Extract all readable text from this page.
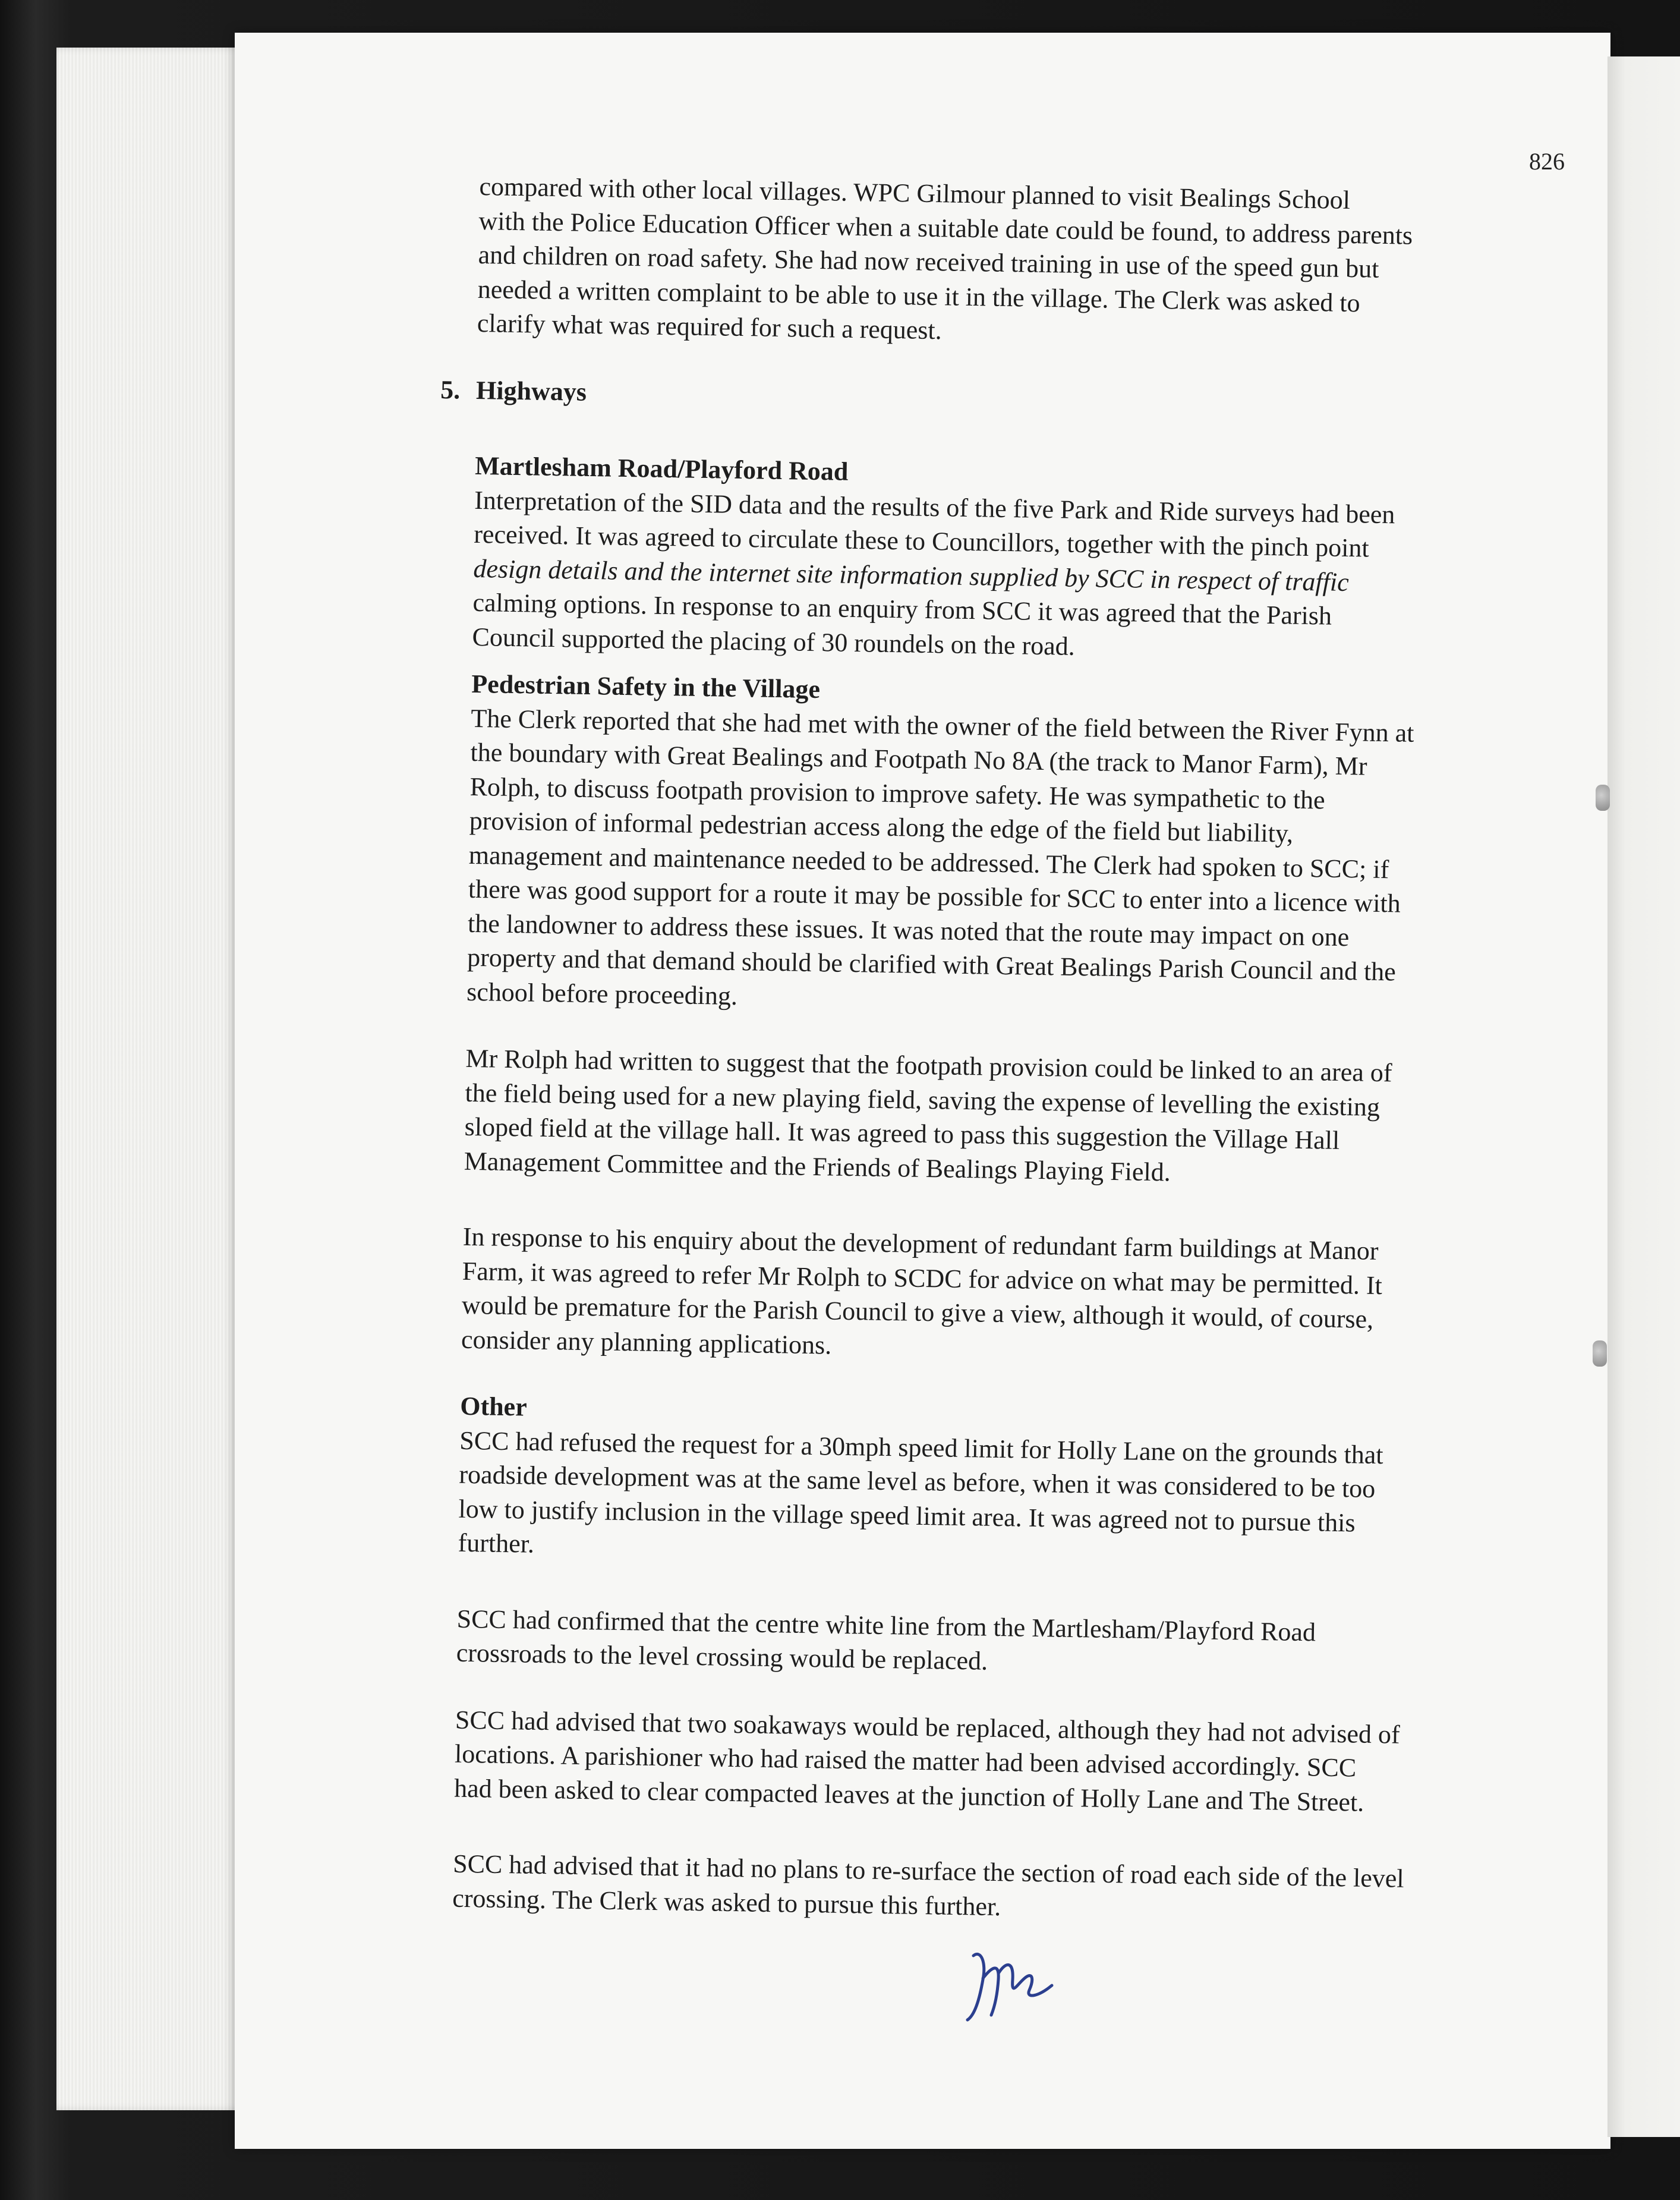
826
compared with other local villages. WPC Gilmour planned to visit Bealings School
with the Police Education Officer when a suitable date could be found, to address parents
and children on road safety. She had now received training in use of the speed gun but
needed a written complaint to be able to use it in the village. The Clerk was asked to
clarify what was required for such a request.
5. Highways
Martlesham Road/Playford Road
Interpretation of the SID data and the results of the five Park and Ride surveys had been
received. It was agreed to circulate these to Councillors, together with the pinch point
design details and the internet site information supplied by SCC in respect of traffic
calming options. In response to an enquiry from SCC it was agreed that the Parish
Council supported the placing of 30 roundels on the road.
Pedestrian Safety in the Village
The Clerk reported that she had met with the owner of the field between the River Fynn at
the boundary with Great Bealings and Footpath No 8A (the track to Manor Farm), Mr
Rolph, to discuss footpath provision to improve safety. He was sympathetic to the
provision of informal pedestrian access along the edge of the field but liability,
management and maintenance needed to be addressed. The Clerk had spoken to SCC; if
there was good support for a route it may be possible for SCC to enter into a licence with
the landowner to address these issues. It was noted that the route may impact on one
property and that demand should be clarified with Great Bealings Parish Council and the
school before proceeding.
Mr Rolph had written to suggest that the footpath provision could be linked to an area of
the field being used for a new playing field, saving the expense of levelling the existing
sloped field at the village hall. It was agreed to pass this suggestion the Village Hall
Management Committee and the Friends of Bealings Playing Field.
In response to his enquiry about the development of redundant farm buildings at Manor
Farm, it was agreed to refer Mr Rolph to SCDC for advice on what may be permitted. It
would be premature for the Parish Council to give a view, although it would, of course,
consider any planning applications.
Other
SCC had refused the request for a 30mph speed limit for Holly Lane on the grounds that
roadside development was at the same level as before, when it was considered to be too
low to justify inclusion in the village speed limit area. It was agreed not to pursue this
further.
SCC had confirmed that the centre white line from the Martlesham/Playford Road
crossroads to the level crossing would be replaced.
SCC had advised that two soakaways would be replaced, although they had not advised of
locations. A parishioner who had raised the matter had been advised accordingly. SCC
had been asked to clear compacted leaves at the junction of Holly Lane and The Street.
SCC had advised that it had no plans to re-surface the section of road each side of the level
crossing. The Clerk was asked to pursue this further.
